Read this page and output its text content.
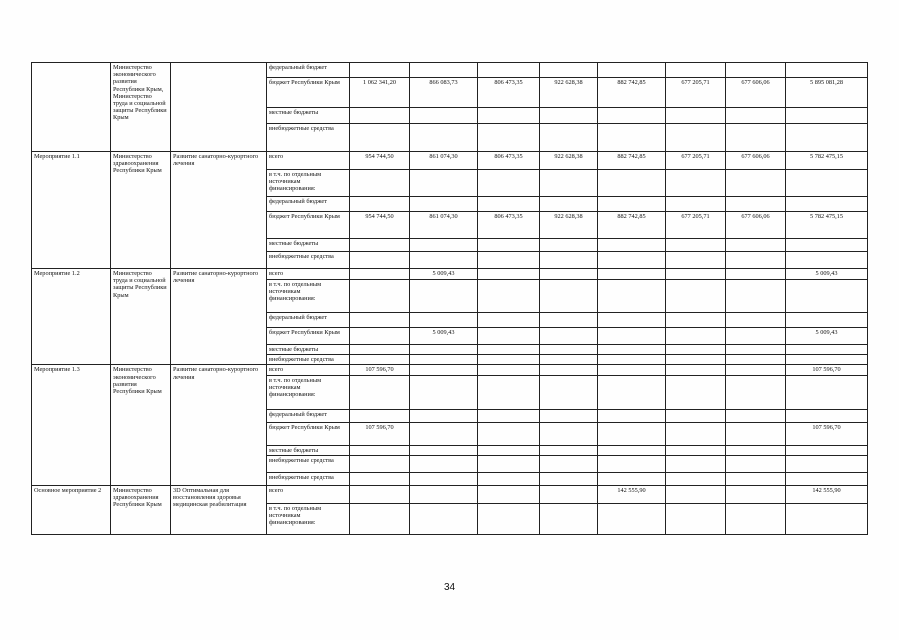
	Министерство экономического развития Республики Крым, Министерство труда и социальной защиты Республики Крым		федеральный бюджет								
			бюджет Республики Крым	1 062 341,20	866 083,73	806 473,35	922 628,38	882 742,85	677 205,71	677 606,06	5 895 081,28
			местные бюджеты								
			внебюджетные средства								
Мероприятие 1.1	Министерство здравоохранения Республики Крым	Развитие санаторно-курортного лечения	всего	954 744,50	861 074,30	806 473,35	922 628,38	882 742,85	677 205,71	677 606,06	5 782 475,15
			в т.ч. по отдельным источникам финансирования:								
			федеральный бюджет								
			бюджет Республики Крым	954 744,50	861 074,30	806 473,35	922 628,38	882 742,85	677 205,71	677 606,06	5 782 475,15
			местные бюджеты								
			внебюджетные средства								
Мероприятие 1.2	Министерство труда и социальной защиты Республики Крым	Развитие санаторно-курортного лечения	всего		5 009,43						5 009,43
			в т.ч. по отдельным источникам финансирования:								
			федеральный бюджет								
			бюджет Республики Крым		5 009,43						5 009,43
			местные бюджеты								
			внебюджетные средства								
Мероприятие 1.3	Министерство экономического развития Республики Крым	Развитие санаторно-курортного лечения	всего	107 596,70							107 596,70
			в т.ч. по отдельным источникам финансирования:								
			федеральный бюджет								
			бюджет Республики Крым	107 596,70							107 596,70
			местные бюджеты								
			внебюджетные средства								
			внебюджетные средства								
Основное мероприятие 2	Министерство здравоохранения Республики Крым	3D Оптимальная для восстановления здоровья медицинская реабилитация	всего					142 555,90			142 555,90
			в т.ч. по отдельным источникам финансирования:								
34
